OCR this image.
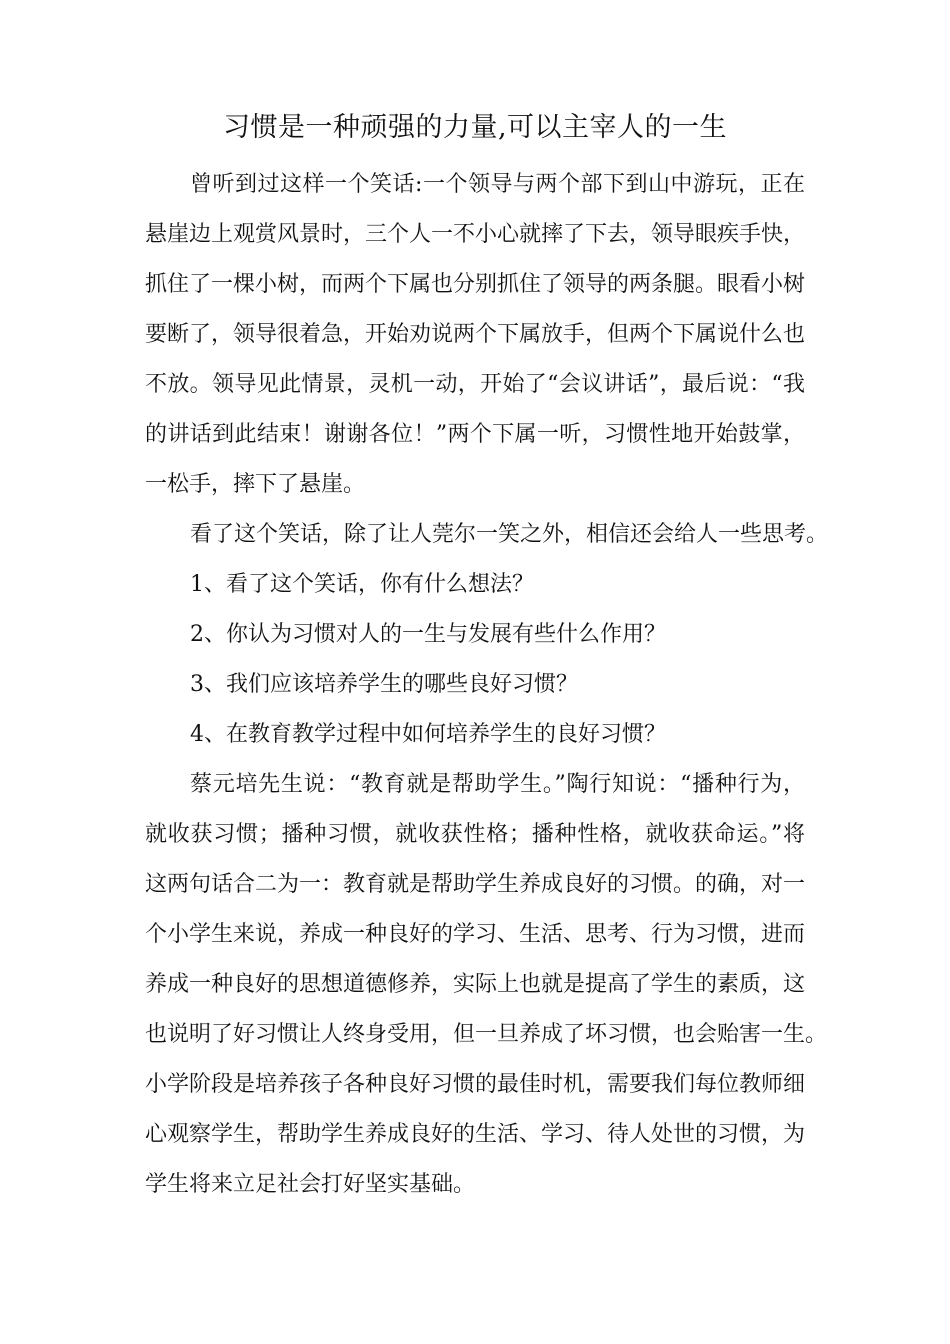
习惯是一种顽强的力量,可以主宰人的一生
曾听到过这样一个笑话:一个领导与两个部下到山中游玩，正在
悬崖边上观赏风景时，三个人一不小心就摔了下去，领导眼疾手快，
抓住了一棵小树，而两个下属也分别抓住了领导的两条腿。眼看小树
要断了，领导很着急，开始劝说两个下属放手，但两个下属说什么也
不放。领导见此情景，灵机一动，开始了“会议讲话”，最后说：“我
的讲话到此结束！谢谢各位！”两个下属一听，习惯性地开始鼓掌，
一松手，摔下了悬崖。
看了这个笑话，除了让人莞尔一笑之外，相信还会给人一些思考。
1、看了这个笑话，你有什么想法？
2、你认为习惯对人的一生与发展有些什么作用？
3、我们应该培养学生的哪些良好习惯？
4、在教育教学过程中如何培养学生的良好习惯？
蔡元培先生说：“教育就是帮助学生。”陶行知说：“播种行为，
就收获习惯；播种习惯，就收获性格；播种性格，就收获命运。”将
这两句话合二为一：教育就是帮助学生养成良好的习惯。的确，对一
个小学生来说，养成一种良好的学习、生活、思考、行为习惯，进而
养成一种良好的思想道德修养，实际上也就是提高了学生的素质，这
也说明了好习惯让人终身受用，但一旦养成了坏习惯，也会贻害一生。
小学阶段是培养孩子各种良好习惯的最佳时机，需要我们每位教师细
心观察学生，帮助学生养成良好的生活、学习、待人处世的习惯，为
学生将来立足社会打好坚实基础。
